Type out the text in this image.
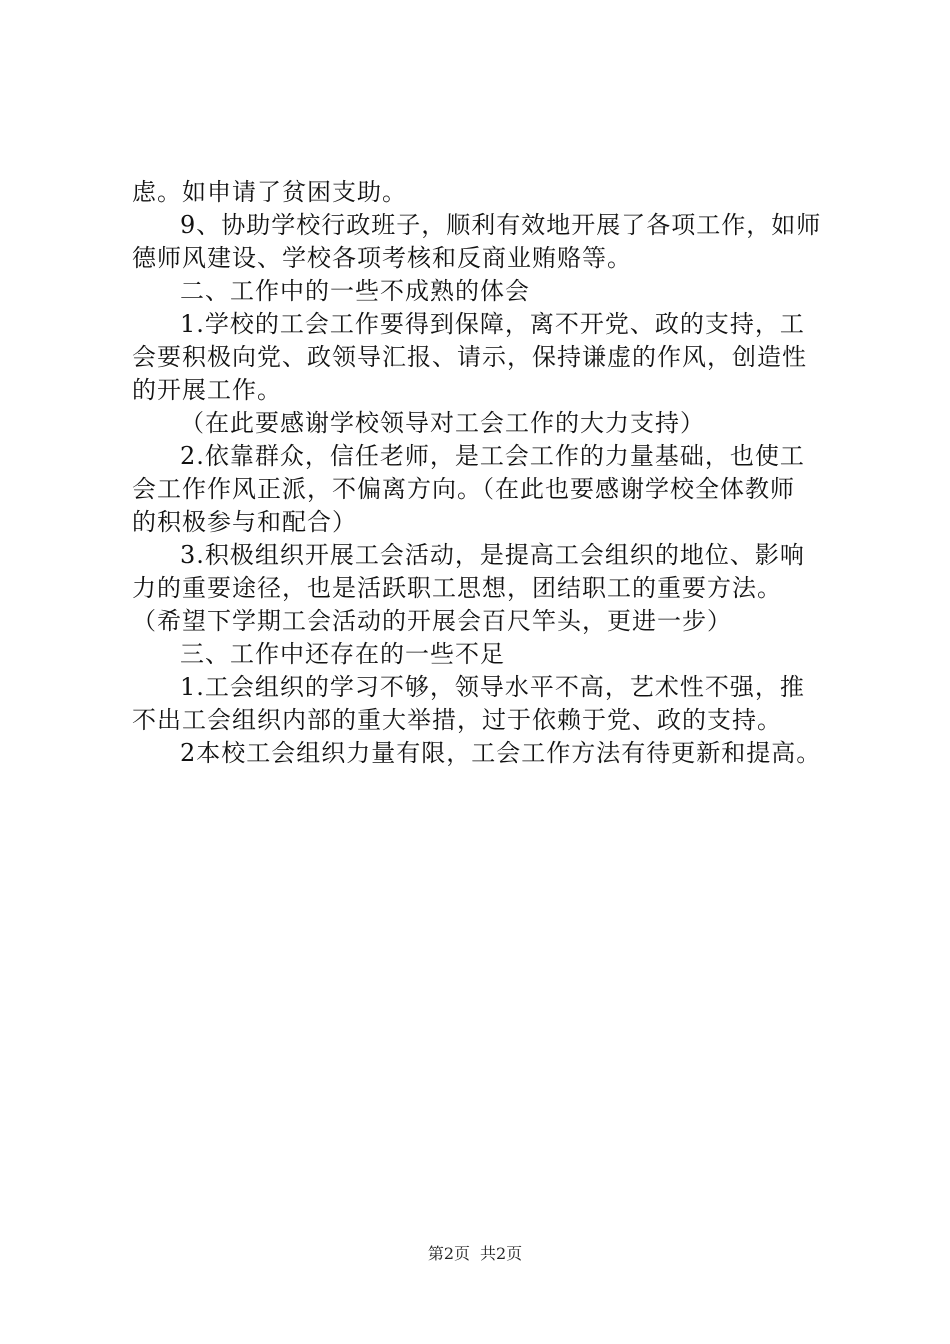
虑。如申请了贫困支助。
9、协助学校行政班子，顺利有效地开展了各项工作，如师
德师风建设、学校各项考核和反商业贿赂等。
二、工作中的一些不成熟的体会
1.学校的工会工作要得到保障，离不开党、政的支持，工
会要积极向党、政领导汇报、请示，保持谦虚的作风，创造性
的开展工作。
（在此要感谢学校领导对工会工作的大力支持）
2.依靠群众，信任老师，是工会工作的力量基础，也使工
会工作作风正派，不偏离方向。（在此也要感谢学校全体教师
的积极参与和配合）
3.积极组织开展工会活动，是提高工会组织的地位、影响
力的重要途径，也是活跃职工思想，团结职工的重要方法。
（希望下学期工会活动的开展会百尺竿头，更进一步）
三、工作中还存在的一些不足
1.工会组织的学习不够，领导水平不高，艺术性不强，推
不出工会组织内部的重大举措，过于依赖于党、政的支持。
2本校工会组织力量有限，工会工作方法有待更新和提高。
第2页 共2页
